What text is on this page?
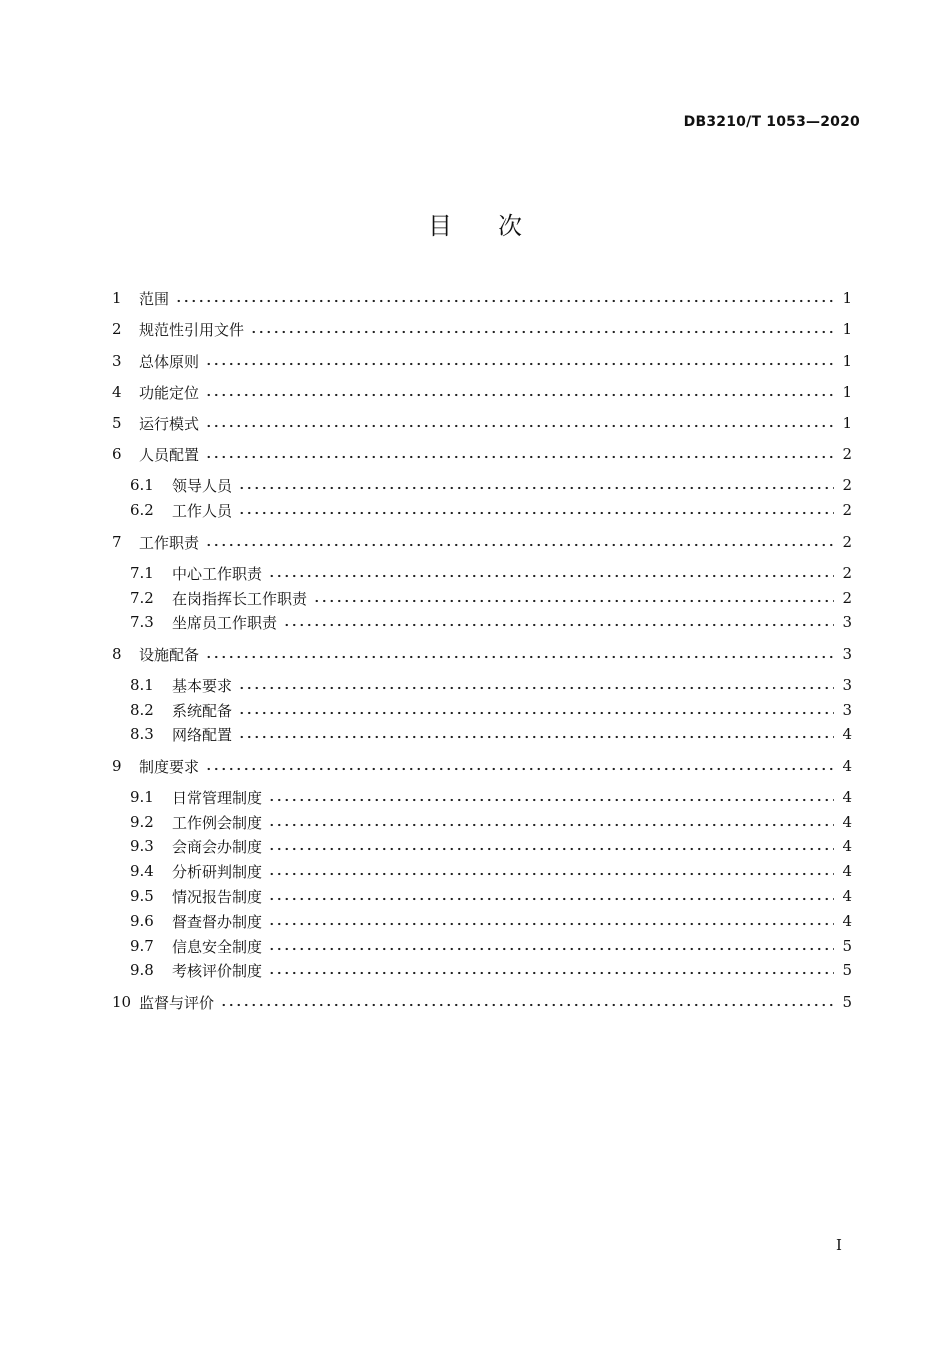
DB3210/T 1053—2020
目 次
1	范围	1
2	规范性引用文件	1
3	总体原则	1
4	功能定位	1
5	运行模式	1
6	人员配置	2
6.1	领导人员	2
6.2	工作人员	2
7	工作职责	2
7.1	中心工作职责	2
7.2	在岗指挥长工作职责	2
7.3	坐席员工作职责	3
8	设施配备	3
8.1	基本要求	3
8.2	系统配备	3
8.3	网络配置	4
9	制度要求	4
9.1	日常管理制度	4
9.2	工作例会制度	4
9.3	会商会办制度	4
9.4	分析研判制度	4
9.5	情况报告制度	4
9.6	督查督办制度	4
9.7	信息安全制度	5
9.8	考核评价制度	5
10 监督与评价	5
I
